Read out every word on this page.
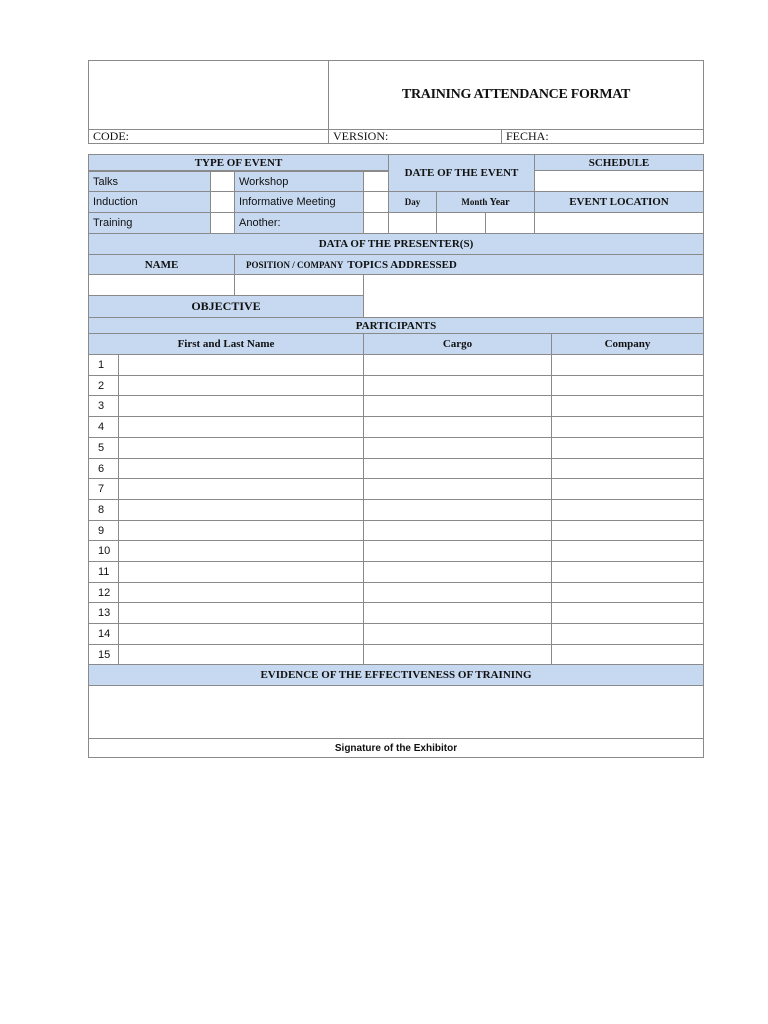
TRAINING ATTENDANCE FORMAT
CODE:	VERSION:	FECHA:
TYPE OF EVENT
Talks	Workshop
Induction	Informative Meeting
Training	Another:
DATE OF THE EVENT
Day	Month
Year
SCHEDULE
EVENT LOCATION
DATA OF THE PRESENTER(S)
NAME	POSITION / COMPANY
TOPICS ADDRESSED
OBJECTIVE
PARTICIPANTS
First and Last Name	Cargo	Company
1
2
3
4
5
6
7
8
9
10
11
12
13
14
15
EVIDENCE OF THE EFFECTIVENESS OF TRAINING
Signature of the Exhibitor
